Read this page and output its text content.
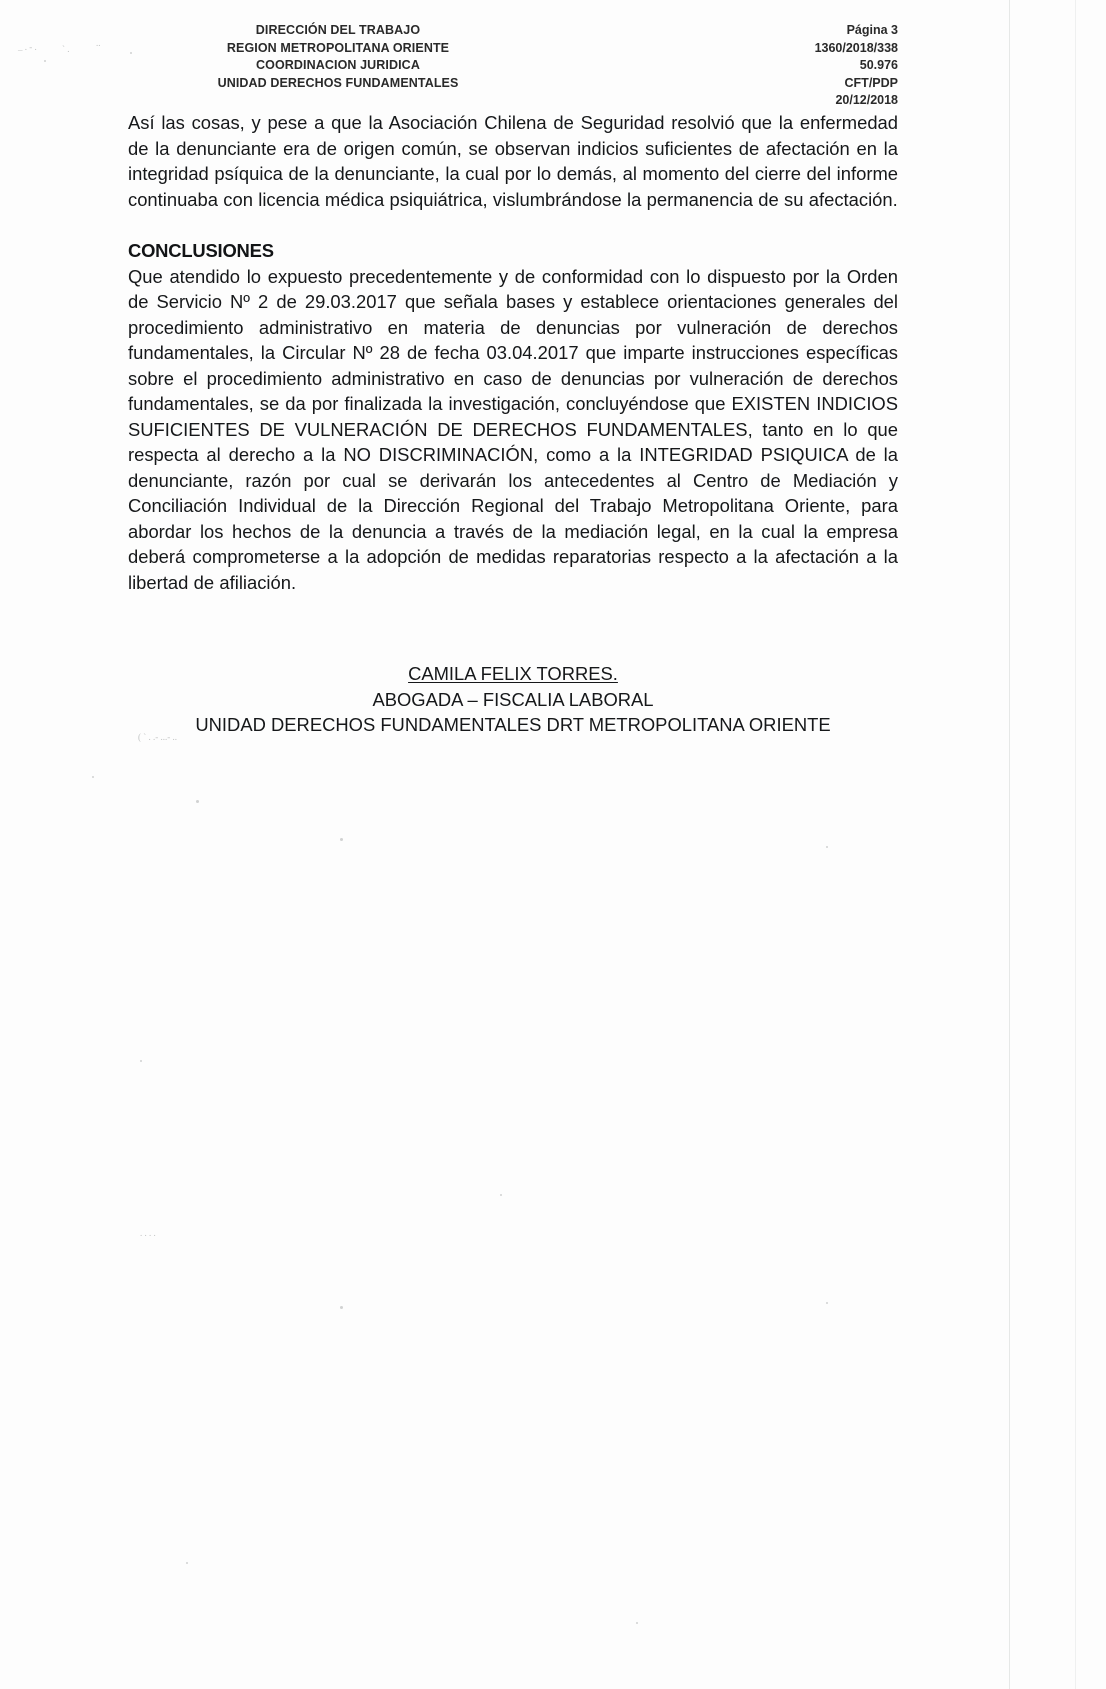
_ . - .	` .
..
( ` . .- ...- ..
. . . .
DIRECCIÓN DEL TRABAJO
REGION METROPOLITANA ORIENTE
COORDINACION JURIDICA
UNIDAD DERECHOS FUNDAMENTALES
Página 3
1360/2018/338
50.976
CFT/PDP
20/12/2018

Así las cosas, y pese a que la Asociación Chilena de Seguridad resolvió que la enfermedad de la denunciante era de origen común, se observan indicios suficientes de afectación en la integridad psíquica de la denunciante, la cual por lo demás, al momento del cierre del informe continuaba con licencia médica psiquiátrica, vislumbrándose la permanencia de su afectación.

CONCLUSIONES

Que atendido lo expuesto precedentemente y de conformidad con lo dispuesto por la Orden de Servicio Nº 2 de 29.03.2017 que señala bases y establece orientaciones generales del procedimiento administrativo en materia de denuncias por vulneración de derechos fundamentales, la Circular Nº 28 de fecha 03.04.2017 que imparte instrucciones específicas sobre el procedimiento administrativo en caso de denuncias por vulneración de derechos fundamentales, se da por finalizada la investigación, concluyéndose que EXISTEN INDICIOS SUFICIENTES DE VULNERACIÓN DE DERECHOS FUNDAMENTALES, tanto en lo que respecta al derecho a la NO DISCRIMINACIÓN, como a la INTEGRIDAD PSIQUICA de la denunciante, razón por cual se derivarán los antecedentes al Centro de Mediación y Conciliación Individual de la Dirección Regional del Trabajo Metropolitana Oriente, para abordar los hechos de la denuncia a través de la mediación legal, en la cual la empresa deberá comprometerse a la adopción de medidas reparatorias respecto a la afectación a la libertad de afiliación.

CAMILA FELIX TORRES.
ABOGADA – FISCALIA LABORAL
UNIDAD DERECHOS FUNDAMENTALES DRT METROPOLITANA ORIENTE
